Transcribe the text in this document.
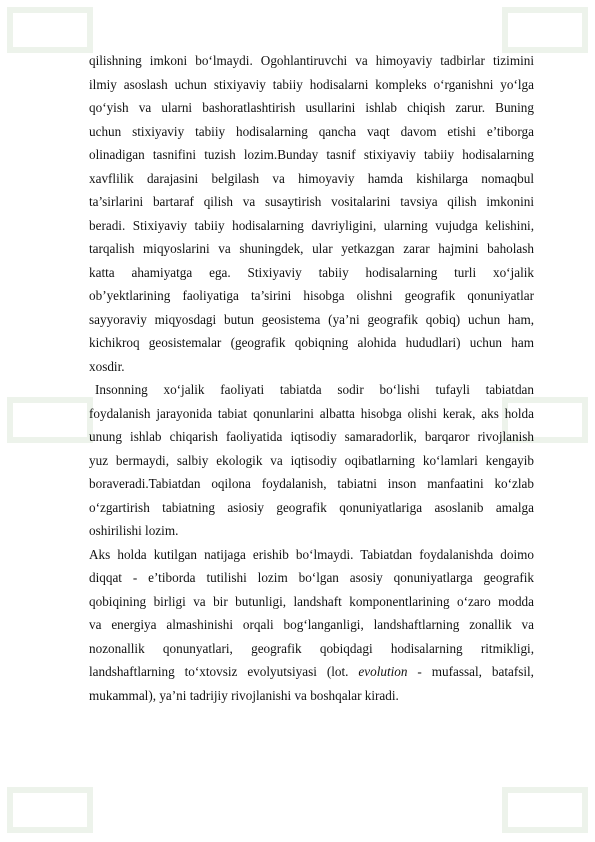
qilishning imkoni bo‘lmaydi. Ogohlantiruvchi va himoyaviy tadbirlar tizimini
ilmiy asoslash uchun stixiyaviy tabiiy hodisalarni kompleks o‘rganishni yo‘lga
qo‘yish va ularni bashoratlashtirish usullarini ishlab chiqish zarur. Buning
uchun stixiyaviy tabiiy hodisalarning qancha vaqt davom etishi e’tiborga
olinadigan tasnifini tuzish lozim.Bunday tasnif stixiyaviy tabiiy hodisalarning
xavflilik darajasini belgilash va himoyaviy hamda kishilarga nomaqbul
ta’sirlarini bartaraf qilish va susaytirish vositalarini tavsiya qilish imkonini
beradi. Stixiyaviy tabiiy hodisalarning davriyligini, ularning vujudga kelishini,
tarqalish miqyoslarini va shuningdek, ular yetkazgan zarar hajmini baholash
katta ahamiyatga ega. Stixiyaviy tabiiy hodisalarning turli xo‘jalik
ob’yektlarining faoliyatiga ta’sirini hisobga olishni geografik qonuniyatlar
sayyoraviy miqyosdagi butun geosistema (ya’ni geografik qobiq) uchun ham,
kichikroq geosistemalar (geografik qobiqning alohida hududlari) uchun ham
xosdir.
Insonning xo‘jalik faoliyati tabiatda sodir bo‘lishi tufayli tabiatdan
foydalanish jarayonida tabiat qonunlarini albatta hisobga olishi kerak, aks holda
unung ishlab chiqarish faoliyatida iqtisodiy samaradorlik, barqaror rivojlanish
yuz bermaydi, salbiy ekologik va iqtisodiy oqibatlarning ko‘lamlari kengayib
boraveradi.Tabiatdan oqilona foydalanish, tabiatni inson manfaatini ko‘zlab
o‘zgartirish tabiatning asiosiy geografik qonuniyatlariga asoslanib amalga
oshirilishi lozim.
Aks holda kutilgan natijaga erishib bo‘lmaydi. Tabiatdan foydalanishda doimo
diqqat - e’tiborda tutilishi lozim bo‘lgan asosiy qonuniyatlarga geografik
qobiqining birligi va bir butunligi, landshaft komponentlarining o‘zaro modda
va energiya almashinishi orqali bog‘langanligi, landshaftlarning zonallik va
nozonallik qonunyatlari, geografik qobiqdagi hodisalarning ritmikligi,
landshaftlarning to‘xtovsiz evolyutsiyasi (lot. evolution - mufassal, batafsil,
mukammal), ya’ni tadrijiy rivojlanishi va boshqalar kiradi.
